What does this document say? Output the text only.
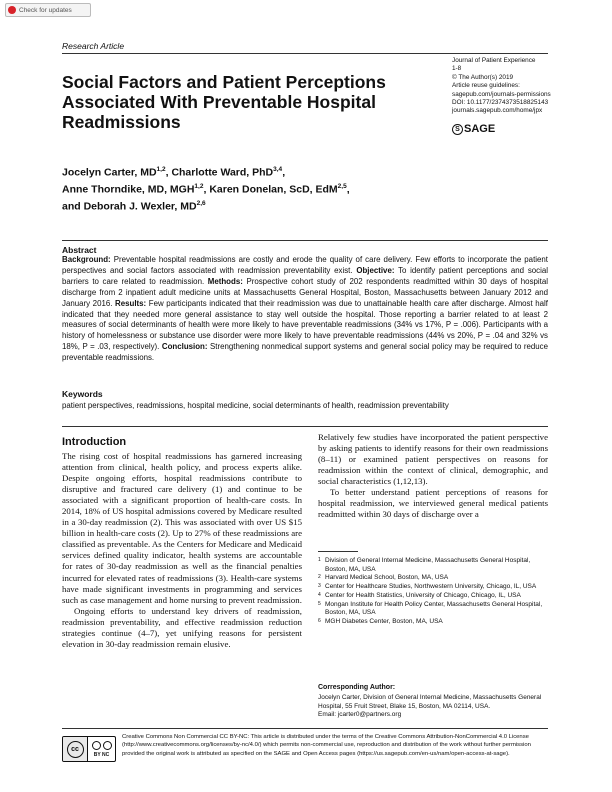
Check for updates
Research Article
Social Factors and Patient Perceptions Associated With Preventable Hospital Readmissions
Journal of Patient Experience
1-8
© The Author(s) 2019
Article reuse guidelines:
sagepub.com/journals-permissions
DOI: 10.1177/2374373518825143
journals.sagepub.com/home/jpx
S SAGE
Jocelyn Carter, MD$^{1,2}$, Charlotte Ward, PhD$^{3,4}$,
Anne Thorndike, MD, MGH$^{1,2}$, Karen Donelan, ScD, EdM$^{2,5}$,
and Deborah J. Wexler, MD$^{2,6}$
Abstract
Background: Preventable hospital readmissions are costly and erode the quality of care delivery. Few efforts to incorporate the patient perspectives and social factors associated with readmission preventability exist. Objective: To identify patient perceptions and social barriers to care related to readmission. Methods: Prospective cohort study of 202 respondents readmitted within 30 days of hospital discharge from 2 inpatient adult medicine units at Massachusetts General Hospital, Boston, Massachusetts between January 2012 and January 2016. Results: Few participants indicated that their readmission was due to unattainable health care after discharge. Almost half indicated that they needed more general assistance to stay well outside the hospital. Those reporting a barrier related to at least 2 measures of social determinants of health were more likely to have preventable readmissions (34% vs 17%, P = .006). Participants with a history of homelessness or substance use disorder were more likely to have preventable readmissions (44% vs 20%, P = .04 and 32% vs 18%, P = .03, respectively). Conclusion: Strengthening nonmedical support systems and general social policy may be required to reduce preventable readmissions.
Keywords
patient perspectives, readmissions, hospital medicine, social determinants of health, readmission preventability
Introduction

The rising cost of hospital readmissions has garnered increasing attention from clinical, health policy, and process experts alike. Despite ongoing efforts, hospital readmissions contribute to disruptive and fractured care delivery (1) and continue to be associated with a significant proportion of health-care costs. In 2014, 18% of US hospital admissions covered by Medicare resulted in a 30-day readmission (2). This was associated with over US $15 billion in health-care costs (2). Up to 27% of these readmissions are classified as preventable. As the Centers for Medicare and Medicaid services defined quality indicator, health systems are accountable for rates of 30-day readmission as well as the financial penalties incurred for elevated rates of readmissions (3). Health-care systems have made significant investments in programming and services such as case management and home nursing to prevent readmission.

Ongoing efforts to understand key drivers of readmission, readmission preventability, and effective readmission reduction strategies continue (4–7), yet unifying reasons for persistent elevation in 30-day readmission remain elusive.

Relatively few studies have incorporated the patient perspective by asking patients to identify reasons for their own readmissions (8–11) or examined patient perspectives on reasons for readmission within the context of clinical, demographic, and social characteristics (1,12,13).

To better understand patient perceptions of reasons for hospital readmission, we interviewed general medical patients readmitted within 30 days of discharge over a

1 Division of General Internal Medicine, Massachusetts General Hospital, Boston, MA, USA
2 Harvard Medical School, Boston, MA, USA
3 Center for Healthcare Studies, Northwestern University, Chicago, IL, USA
4 Center for Health Statistics, University of Chicago, Chicago, IL, USA
5 Mongan Institute for Health Policy Center, Massachusetts General Hospital, Boston, MA, USA
6 MGH Diabetes Center, Boston, MA, USA
Corresponding Author:
Jocelyn Carter, Division of General Internal Medicine, Massachusetts General Hospital, 55 Fruit Street, Blake 15, Boston, MA 02114, USA.
Email: jcarter0@partners.org
cc
BY NC
Creative Commons Non Commercial CC BY-NC: This article is distributed under the terms of the Creative Commons Attribution-NonCommercial 4.0 License (http://www.creativecommons.org/licenses/by-nc/4.0/) which permits non-commercial use, reproduction and distribution of the work without further permission provided the original work is attributed as specified on the SAGE and Open Access pages (https://us.sagepub.com/en-us/nam/open-access-at-sage).
